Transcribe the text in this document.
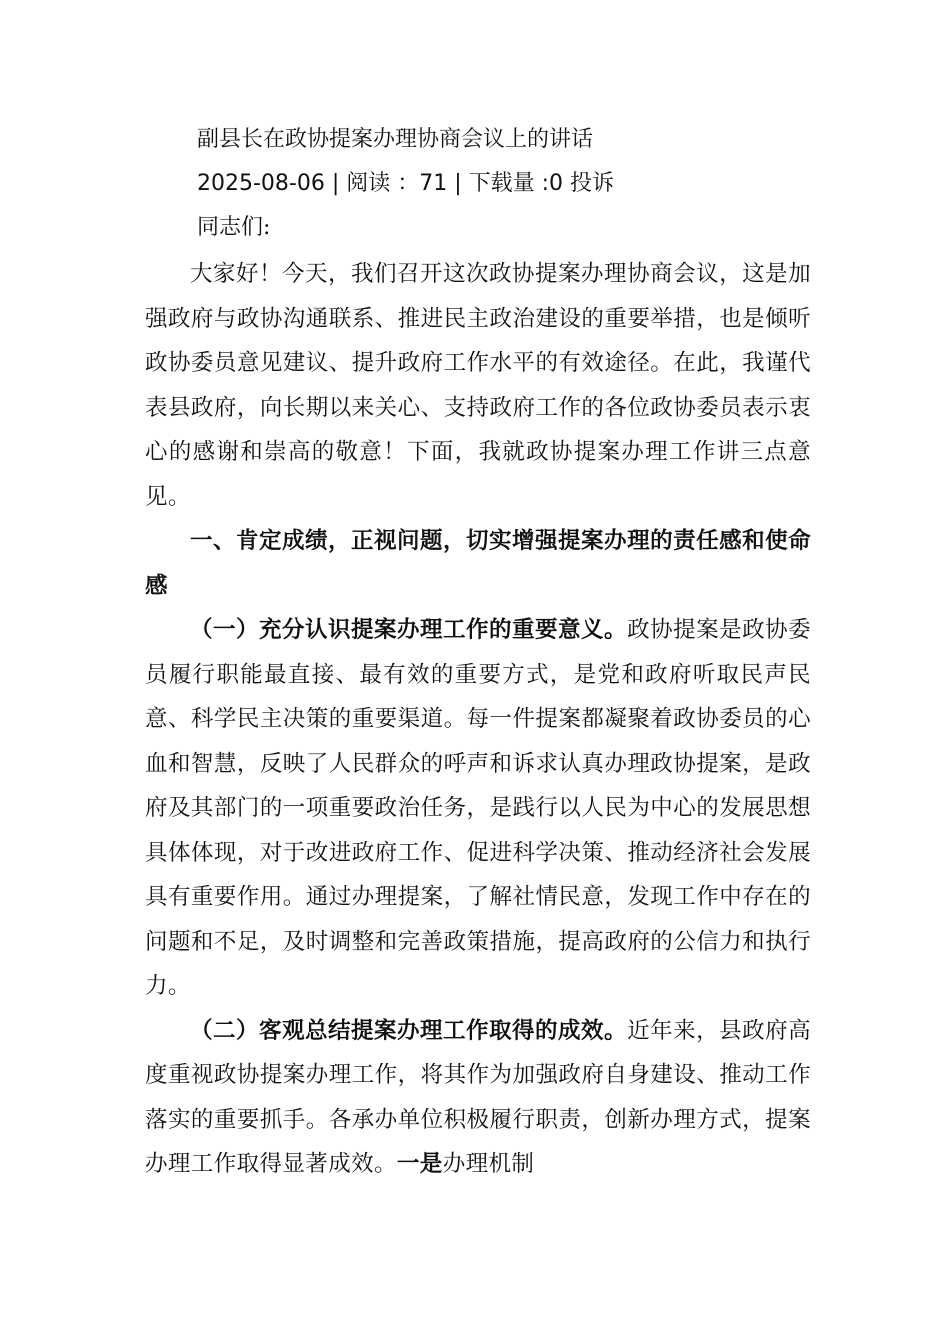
副县长在政协提案办理协商会议上的讲话
2025-08-06 | 阅读 ：71 | 下载量 :0 投诉
同志们:

大家好！今天，我们召开这次政协提案办理协商会议，这是加强政府与政协沟通联系、推进民主政治建设的重要举措，也是倾听政协委员意见建议、提升政府工作水平的有效途径。在此，我谨代表县政府，向长期以来关心、支持政府工作的各位政协委员表示衷心的感谢和崇高的敬意！下面，我就政协提案办理工作讲三点意见。

一、肯定成绩，正视问题，切实增强提案办理的责任感和使命感

（一）充分认识提案办理工作的重要意义。政协提案是政协委员履行职能最直接、最有效的重要方式，是党和政府听取民声民意、科学民主决策的重要渠道。每一件提案都凝聚着政协委员的心血和智慧，反映了人民群众的呼声和诉求认真办理政协提案，是政府及其部门的一项重要政治任务，是践行以人民为中心的发展思想具体体现，对于改进政府工作、促进科学决策、推动经济社会发展具有重要作用。通过办理提案，了解社情民意，发现工作中存在的问题和不足，及时调整和完善政策措施，提高政府的公信力和执行力。

（二）客观总结提案办理工作取得的成效。近年来，县政府高度重视政协提案办理工作，将其作为加强政府自身建设、推动工作落实的重要抓手。各承办单位积极履行职责，创新办理方式，提案办理工作取得显著成效。一是办理机制
